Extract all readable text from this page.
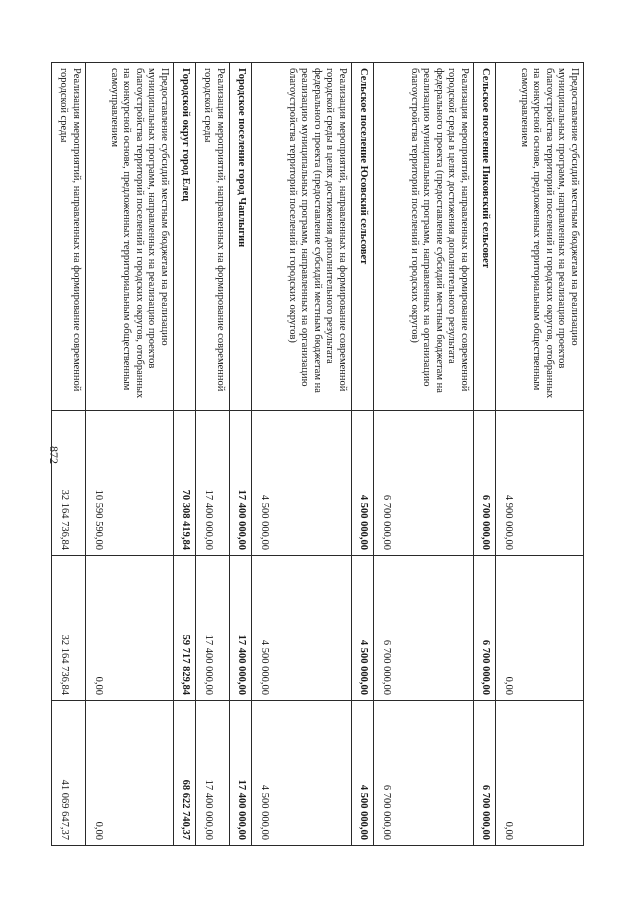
872
Предоставление субсидий местным бюджетам на реализацию муниципальных программ, направленных на реализацию проектов благоустройства территорий поселений и городских округов, отобранных на конкурсной основе, предложенных территориальным общественным самоуправлением	4 900 000,00	0,00	0,00
Сельское поселение Пиковский сельсовет	6 700 000,00	6 700 000,00	6 700 000,00
Реализация мероприятий, направленных на формирование современной городской среды в целях достижения дополнительного результата федерального проекта (предоставление субсидий местным бюджетам на реализацию муниципальных программ, направленных на организацию благоустройства территорий поселений и городских округов)	6 700 000,00	6 700 000,00	6 700 000,00
Сельское поселение Юсовский сельсовет	4 500 000,00	4 500 000,00	4 500 000,00
Реализация мероприятий, направленных на формирование современной городской среды в целях достижения дополнительного результата федерального проекта (предоставление субсидий местным бюджетам на реализацию муниципальных программ, направленных на организацию благоустройства территорий поселений и городских округов)	4 500 000,00	4 500 000,00	4 500 000,00
Городское поселение город Чаплыгин	17 400 000,00	17 400 000,00	17 400 000,00
Реализация мероприятий, направленных на формирование современной городской среды	17 400 000,00	17 400 000,00	17 400 000,00
Городской округ город Елец	70 308 419,84	59 717 829,84	68 622 740,37
Предоставление субсидий местным бюджетам на реализацию муниципальных программ, направленных на реализацию проектов благоустройства территорий поселений и городских округов, отобранных на конкурсной основе, предложенных территориальным общественным самоуправлением	10 590 590,00	0,00	0,00
Реализация мероприятий, направленных на формирование современной городской среды	32 164 736,84	32 164 736,84	41 069 647,37
